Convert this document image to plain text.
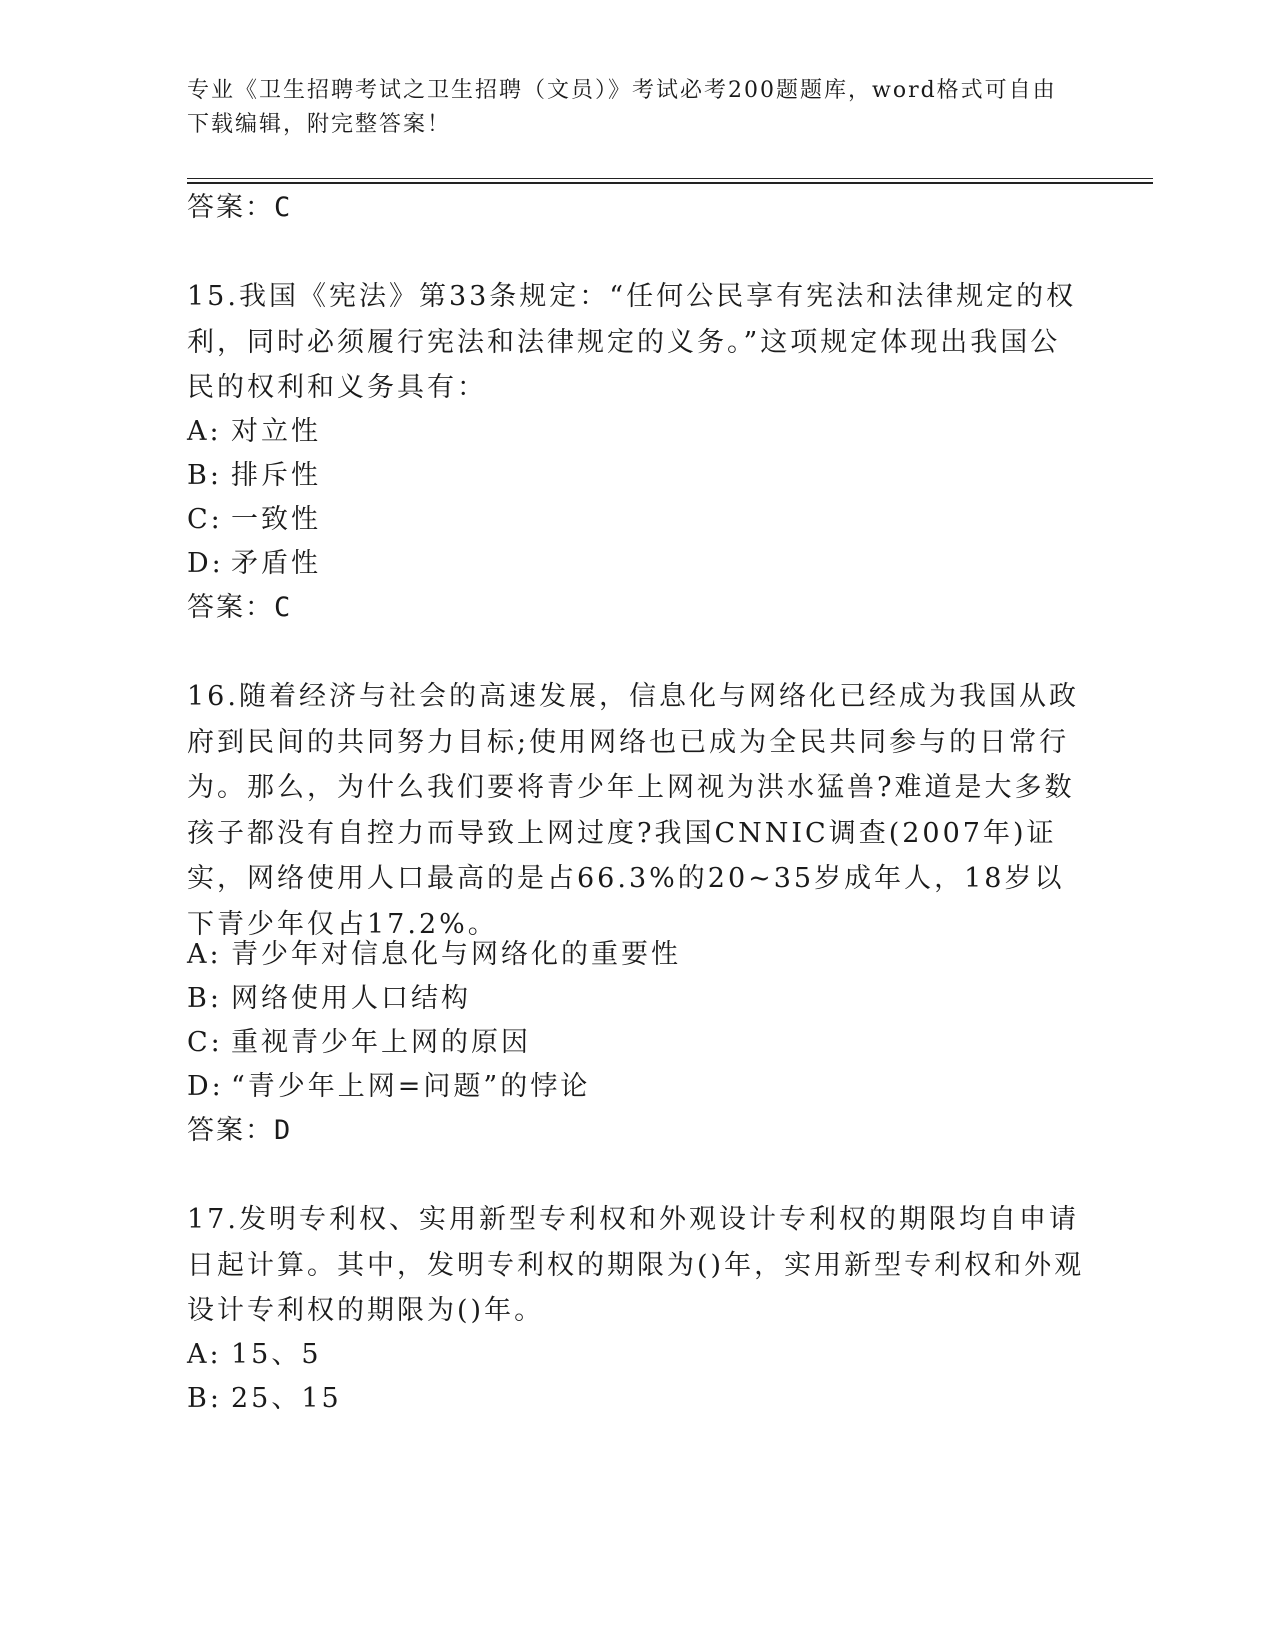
专业《卫生招聘考试之卫生招聘（文员）》考试必考200题题库，word格式可自由下载编辑，附完整答案！
答案：C

15.我国《宪法》第33条规定：“任何公民享有宪法和法律规定的权利，同时必须履行宪法和法律规定的义务。”这项规定体现出我国公民的权利和义务具有：

A: 对立性
B: 排斥性
C: 一致性
D: 矛盾性
答案：C

16.随着经济与社会的高速发展，信息化与网络化已经成为我国从政府到民间的共同努力目标;使用网络也已成为全民共同参与的日常行为。那么，为什么我们要将青少年上网视为洪水猛兽?难道是大多数孩子都没有自控力而导致上网过度?我国CNNIC调查(2007年)证实，网络使用人口最高的是占66.3%的20~35岁成年人，18岁以下青少年仅占17.2%。

A: 青少年对信息化与网络化的重要性
B: 网络使用人口结构
C: 重视青少年上网的原因
D: “青少年上网=问题”的悖论
答案：D

17.发明专利权、实用新型专利权和外观设计专利权的期限均自申请日起计算。其中，发明专利权的期限为()年，实用新型专利权和外观设计专利权的期限为()年。

A: 15、5
B: 25、15
